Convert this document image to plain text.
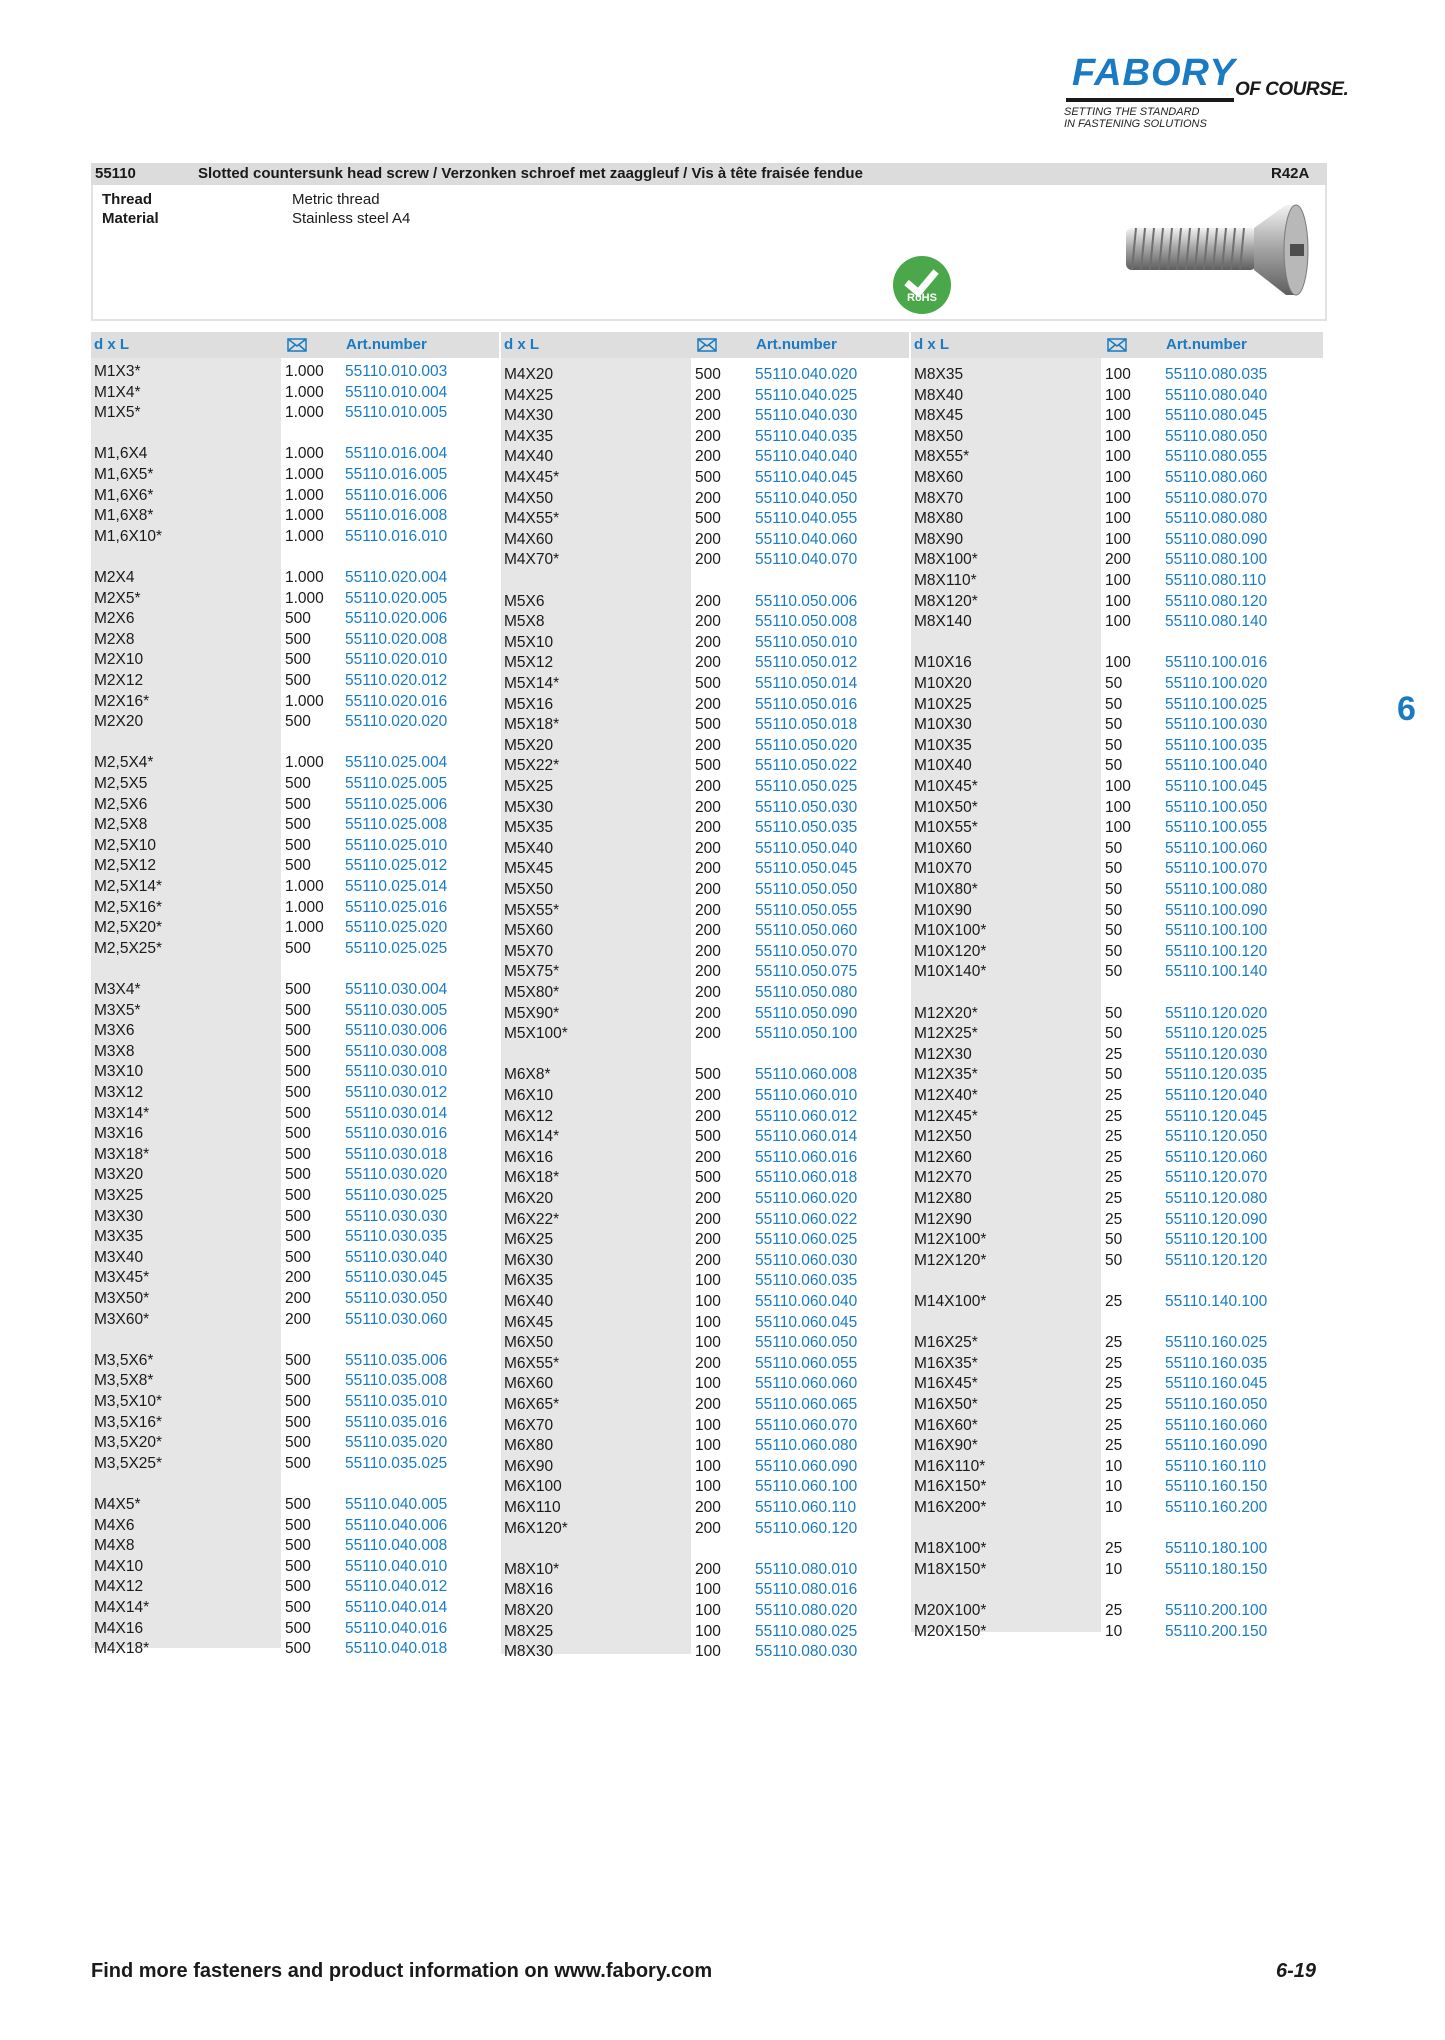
FABORY OF COURSE.
SETTING THE STANDARD
IN FASTENING SOLUTIONS
55110	Slotted countersunk head screw / Verzonken schroef met zaaggleuf / Vis à tête fraisée fendue	R42A
Thread	Metric thread
Material	Stainless steel A4
RoHS
d x L	Art.number	d x L	Art.number	d x L	Art.number
M1X3*	1.000 55110.010.003
M1X4*	1.000 55110.010.004
M1X5*	1.000 55110.010.005
M1,6X4	1.000 55110.016.004
M1,6X5*	1.000 55110.016.005
M1,6X6*	1.000 55110.016.006
M1,6X8*	1.000 55110.016.008
M1,6X10*	1.000 55110.016.010
M2X4	1.000 55110.020.004
M2X5*	1.000 55110.020.005
M2X6	500 55110.020.006
M2X8	500 55110.020.008
M2X10	500 55110.020.010
M2X12	500 55110.020.012
M2X16*	1.000 55110.020.016
M2X20	500 55110.020.020
M2,5X4*	1.000 55110.025.004
M2,5X5	500 55110.025.005
M2,5X6	500 55110.025.006
M2,5X8	500 55110.025.008
M2,5X10	500 55110.025.010
M2,5X12	500 55110.025.012
M2,5X14*	1.000 55110.025.014
M2,5X16*	1.000 55110.025.016
M2,5X20*	1.000 55110.025.020
M2,5X25*	500 55110.025.025
M3X4*	500 55110.030.004
M3X5*	500 55110.030.005
M3X6	500 55110.030.006
M3X8	500 55110.030.008
M3X10	500 55110.030.010
M3X12	500 55110.030.012
M3X14*	500 55110.030.014
M3X16	500 55110.030.016
M3X18*	500 55110.030.018
M3X20	500 55110.030.020
M3X25	500 55110.030.025
M3X30	500 55110.030.030
M3X35	500 55110.030.035
M3X40	500 55110.030.040
M3X45*	200 55110.030.045
M3X50*	200 55110.030.050
M3X60*	200 55110.030.060
M3,5X6*	500 55110.035.006
M3,5X8*	500 55110.035.008
M3,5X10*	500 55110.035.010
M3,5X16*	500 55110.035.016
M3,5X20*	500 55110.035.020
M3,5X25*	500 55110.035.025
M4X5*	500 55110.040.005
M4X6	500 55110.040.006
M4X8	500 55110.040.008
M4X10	500 55110.040.010
M4X12	500 55110.040.012
M4X14*	500 55110.040.014
M4X16	500 55110.040.016
M4X18*	500 55110.040.018
M4X20	500 55110.040.020
M4X25	200 55110.040.025
M4X30	200 55110.040.030
M4X35	200 55110.040.035
M4X40	200 55110.040.040
M4X45*	500 55110.040.045
M4X50	200 55110.040.050
M4X55*	500 55110.040.055
M4X60	200 55110.040.060
M4X70*	200 55110.040.070
M5X6	200 55110.050.006
M5X8	200 55110.050.008
M5X10	200 55110.050.010
M5X12	200 55110.050.012
M5X14*	500 55110.050.014
M5X16	200 55110.050.016
M5X18*	500 55110.050.018
M5X20	200 55110.050.020
M5X22*	500 55110.050.022
M5X25	200 55110.050.025
M5X30	200 55110.050.030
M5X35	200 55110.050.035
M5X40	200 55110.050.040
M5X45	200 55110.050.045
M5X50	200 55110.050.050
M5X55*	200 55110.050.055
M5X60	200 55110.050.060
M5X70	200 55110.050.070
M5X75*	200 55110.050.075
M5X80*	200 55110.050.080
M5X90*	200 55110.050.090
M5X100*	200 55110.050.100
M6X8*	500 55110.060.008
M6X10	200 55110.060.010
M6X12	200 55110.060.012
M6X14*	500 55110.060.014
M6X16	200 55110.060.016
M6X18*	500 55110.060.018
M6X20	200 55110.060.020
M6X22*	200 55110.060.022
M6X25	200 55110.060.025
M6X30	200 55110.060.030
M6X35	100 55110.060.035
M6X40	100 55110.060.040
M6X45	100 55110.060.045
M6X50	100 55110.060.050
M6X55*	200 55110.060.055
M6X60	100 55110.060.060
M6X65*	200 55110.060.065
M6X70	100 55110.060.070
M6X80	100 55110.060.080
M6X90	100 55110.060.090
M6X100	100 55110.060.100
M6X110	200 55110.060.110
M6X120*	200 55110.060.120
M8X10*	200 55110.080.010
M8X16	100 55110.080.016
M8X20	100 55110.080.020
M8X25	100 55110.080.025
M8X30	100 55110.080.030
M8X35	100 55110.080.035
M8X40	100 55110.080.040
M8X45	100 55110.080.045
M8X50	100 55110.080.050
M8X55*	100 55110.080.055
M8X60	100 55110.080.060
M8X70	100 55110.080.070
M8X80	100 55110.080.080
M8X90	100 55110.080.090
M8X100*	200 55110.080.100
M8X110*	100 55110.080.110
M8X120*	100 55110.080.120
M8X140	100 55110.080.140
M10X16	100 55110.100.016
M10X20	50	55110.100.020
M10X25	50	55110.100.025
M10X30	50	55110.100.030
M10X35	50	55110.100.035
M10X40	50	55110.100.040
M10X45*	100 55110.100.045
M10X50*	100 55110.100.050
M10X55*	100 55110.100.055
M10X60	50	55110.100.060
M10X70	50	55110.100.070
M10X80*	50	55110.100.080
M10X90	50	55110.100.090
M10X100*	50	55110.100.100
M10X120*	50	55110.100.120
M10X140*	50	55110.100.140
M12X20*	50	55110.120.020
M12X25*	50	55110.120.025
M12X30	25	55110.120.030
M12X35*	50	55110.120.035
M12X40*	25	55110.120.040
M12X45*	25	55110.120.045
M12X50	25	55110.120.050
M12X60	25	55110.120.060
M12X70	25	55110.120.070
M12X80	25	55110.120.080
M12X90	25	55110.120.090
M12X100*	50	55110.120.100
M12X120*	50	55110.120.120
M14X100*	25	55110.140.100
M16X25*	25	55110.160.025
M16X35*	25	55110.160.035
M16X45*	25	55110.160.045
M16X50*	25	55110.160.050
M16X60*	25	55110.160.060
M16X90*	25	55110.160.090
M16X110*	10	55110.160.110
M16X150*	10	55110.160.150
M16X200*	10	55110.160.200
M18X100*	25	55110.180.100
M18X150*	10	55110.180.150
M20X100*	25	55110.200.100
M20X150*	10	55110.200.150
6
Find more fasteners and product information on www.fabory.com	6-19
